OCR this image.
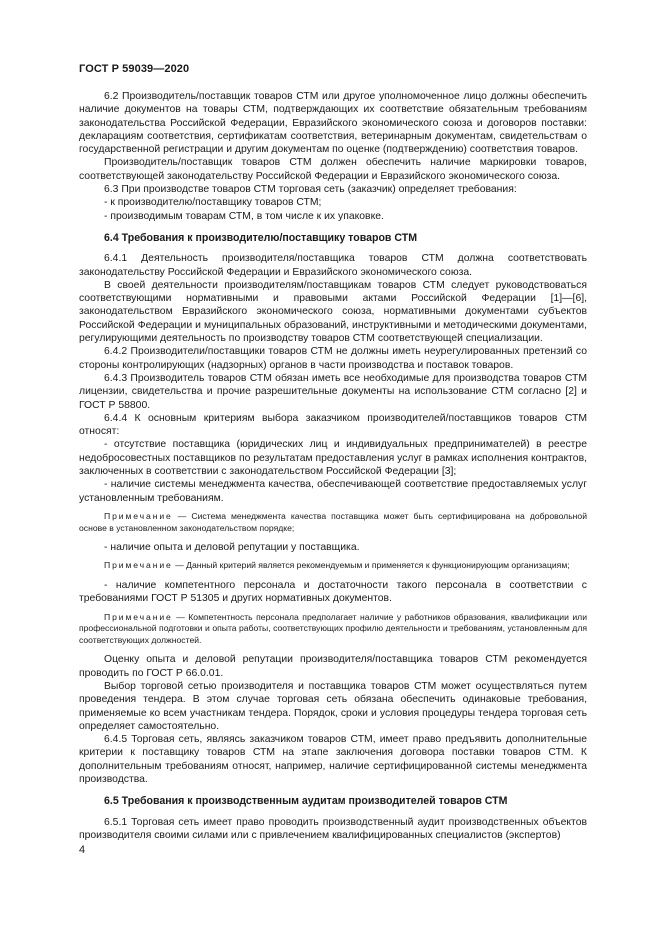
ГОСТ Р 59039—2020

6.2 Производитель/поставщик товаров СТМ или другое уполномоченное лицо должны обеспечить наличие документов на товары СТМ, подтверждающих их соответствие обязательным требованиям законодательства Российской Федерации, Евразийского экономического союза и договоров поставки: декларациям соответствия, сертификатам соответствия, ветеринарным документам, свидетельствам о государственной регистрации и другим документам по оценке (подтверждению) соответствия товаров.

Производитель/поставщик товаров СТМ должен обеспечить наличие маркировки товаров, соответствующей законодательству Российской Федерации и Евразийского экономического союза.

6.3 При производстве товаров СТМ торговая сеть (заказчик) определяет требования:

- к производителю/поставщику товаров СТМ;

- производимым товарам СТМ, в том числе к их упаковке.

6.4 Требования к производителю/поставщику товаров СТМ

6.4.1 Деятельность производителя/поставщика товаров СТМ должна соответствовать законодательству Российской Федерации и Евразийского экономического союза.

В своей деятельности производителям/поставщикам товаров СТМ следует руководствоваться соответствующими нормативными и правовыми актами Российской Федерации [1]—[6], законодательством Евразийского экономического союза, нормативными документами субъектов Российской Федерации и муниципальных образований, инструктивными и методическими документами, регулирующими деятельность по производству товаров СТМ соответствующей специализации.

6.4.2 Производители/поставщики товаров СТМ не должны иметь неурегулированных претензий со стороны контролирующих (надзорных) органов в части производства и поставок товаров.

6.4.3 Производитель товаров СТМ обязан иметь все необходимые для производства товаров СТМ лицензии, свидетельства и прочие разрешительные документы на использование СТМ согласно [2] и ГОСТ Р 58800.

6.4.4 К основным критериям выбора заказчиком производителей/поставщиков товаров СТМ относят:

- отсутствие поставщика (юридических лиц и индивидуальных предпринимателей) в реестре недобросовестных поставщиков по результатам предоставления услуг в рамках исполнения контрактов, заключенных в соответствии с законодательством Российской Федерации [3];

- наличие системы менеджмента качества, обеспечивающей соответствие предоставляемых услуг установленным требованиям.

Примечание — Система менеджмента качества поставщика может быть сертифицирована на добровольной основе в установленном законодательством порядке;

- наличие опыта и деловой репутации у поставщика.

Примечание — Данный критерий является рекомендуемым и применяется к функционирующим организациям;

- наличие компетентного персонала и достаточности такого персонала в соответствии с требованиями ГОСТ Р 51305 и других нормативных документов.

Примечание — Компетентность персонала предполагает наличие у работников образования, квалификации или профессиональной подготовки и опыта работы, соответствующих профилю деятельности и требованиям, установленным для соответствующих должностей.

Оценку опыта и деловой репутации производителя/поставщика товаров СТМ рекомендуется проводить по ГОСТ Р 66.0.01.

Выбор торговой сетью производителя и поставщика товаров СТМ может осуществляться путем проведения тендера. В этом случае торговая сеть обязана обеспечить одинаковые требования, применяемые ко всем участникам тендера. Порядок, сроки и условия процедуры тендера торговая сеть определяет самостоятельно.

6.4.5 Торговая сеть, являясь заказчиком товаров СТМ, имеет право предъявить дополнительные критерии к поставщику товаров СТМ на этапе заключения договора поставки товаров СТМ. К дополнительным требованиям относят, например, наличие сертифицированной системы менеджмента производства.

6.5 Требования к производственным аудитам производителей товаров СТМ

6.5.1 Торговая сеть имеет право проводить производственный аудит производственных объектов производителя своими силами или с привлечением квалифицированных специалистов (экспертов)

4
